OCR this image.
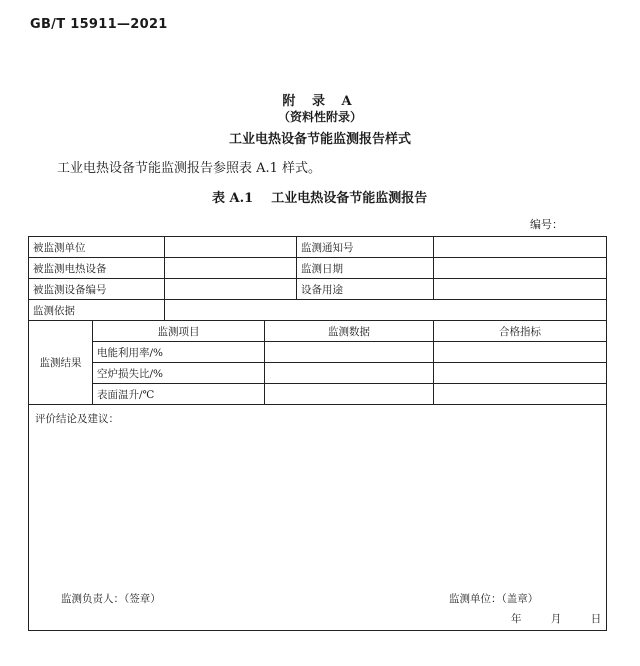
GB/T 15911—2021
附 录 A
（资料性附录）
工业电热设备节能监测报告样式
工业电热设备节能监测报告参照表 A.1 样式。
表 A.1 工业电热设备节能监测报告
编号：
被监测单位				监测通知号	
被监测电热设备				监测日期	
被监测设备编号				设备用途	
监测依据					
监测结果	监测项目		监测数据		合格指标
	电能利用率/%				
	空炉损失比/%				
	表面温升/℃				

评价结论及建议：
监测负责人：（签章） 监测单位：（盖章）
年 月 日					
